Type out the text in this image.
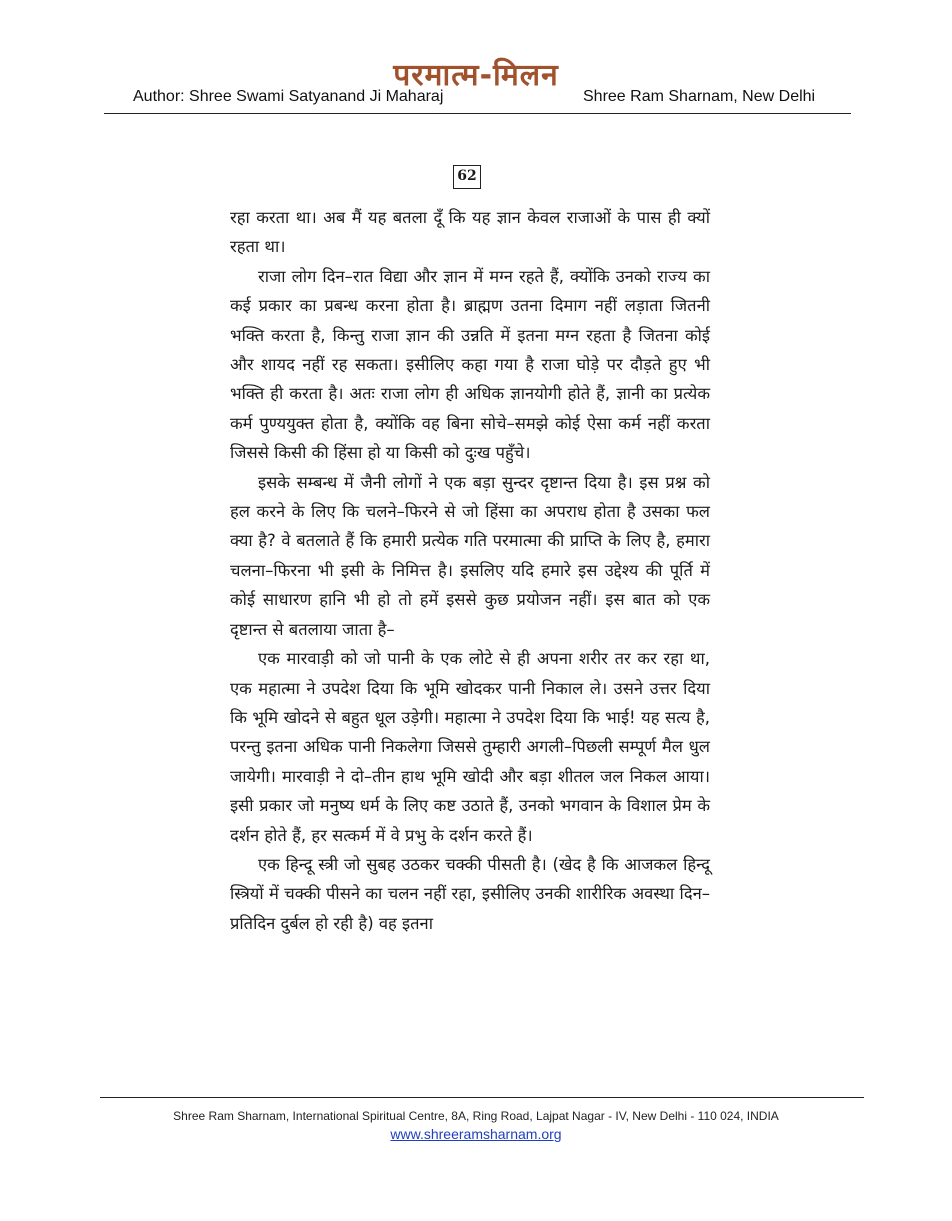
परमात्म-मिलन
Author: Shree Swami Satyanand Ji Maharaj	Shree Ram Sharnam, New Delhi
62

रहा करता था। अब मैं यह बतला दूँ कि यह ज्ञान केवल राजाओं के पास ही क्यों रहता था।

राजा लोग दिन–रात विद्या और ज्ञान में मग्न रहते हैं, क्योंकि उनको राज्य का कई प्रकार का प्रबन्ध करना होता है। ब्राह्मण उतना दिमाग नहीं लड़ाता जितनी भक्ति करता है, किन्तु राजा ज्ञान की उन्नति में इतना मग्न रहता है जितना कोई और शायद नहीं रह सकता। इसीलिए कहा गया है राजा घोड़े पर दौड़ते हुए भी भक्ति ही करता है। अतः राजा लोग ही अधिक ज्ञानयोगी होते हैं, ज्ञानी का प्रत्येक कर्म पुण्ययुक्त होता है, क्योंकि वह बिना सोचे–समझे कोई ऐसा कर्म नहीं करता जिससे किसी की हिंसा हो या किसी को दुःख पहुँचे।

इसके सम्बन्ध में जैनी लोगों ने एक बड़ा सुन्दर दृष्टान्त दिया है। इस प्रश्न को हल करने के लिए कि चलने–फिरने से जो हिंसा का अपराध होता है उसका फल क्या है? वे बतलाते हैं कि हमारी प्रत्येक गति परमात्मा की प्राप्ति के लिए है, हमारा चलना–फिरना भी इसी के निमित्त है। इसलिए यदि हमारे इस उद्देश्य की पूर्ति में कोई साधारण हानि भी हो तो हमें इससे कुछ प्रयोजन नहीं। इस बात को एक दृष्टान्त से बतलाया जाता है–

एक मारवाड़ी को जो पानी के एक लोटे से ही अपना शरीर तर कर रहा था, एक महात्मा ने उपदेश दिया कि भूमि खोदकर पानी निकाल ले। उसने उत्तर दिया कि भूमि खोदने से बहुत धूल उड़ेगी। महात्मा ने उपदेश दिया कि भाई! यह सत्य है, परन्तु इतना अधिक पानी निकलेगा जिससे तुम्हारी अगली–पिछली सम्पूर्ण मैल धुल जायेगी। मारवाड़ी ने दो–तीन हाथ भूमि खोदी और बड़ा शीतल जल निकल आया। इसी प्रकार जो मनुष्य धर्म के लिए कष्ट उठाते हैं, उनको भगवान के विशाल प्रेम के दर्शन होते हैं, हर सत्कर्म में वे प्रभु के दर्शन करते हैं।

एक हिन्दू स्त्री जो सुबह उठकर चक्की पीसती है। (खेद है कि आजकल हिन्दू स्त्रियों में चक्की पीसने का चलन नहीं रहा, इसीलिए उनकी शारीरिक अवस्था दिन–प्रतिदिन दुर्बल हो रही है) वह इतना

Shree Ram Sharnam, International Spiritual Centre, 8A, Ring Road, Lajpat Nagar - IV, New Delhi - 110 024, INDIA
www.shreeramsharnam.org
